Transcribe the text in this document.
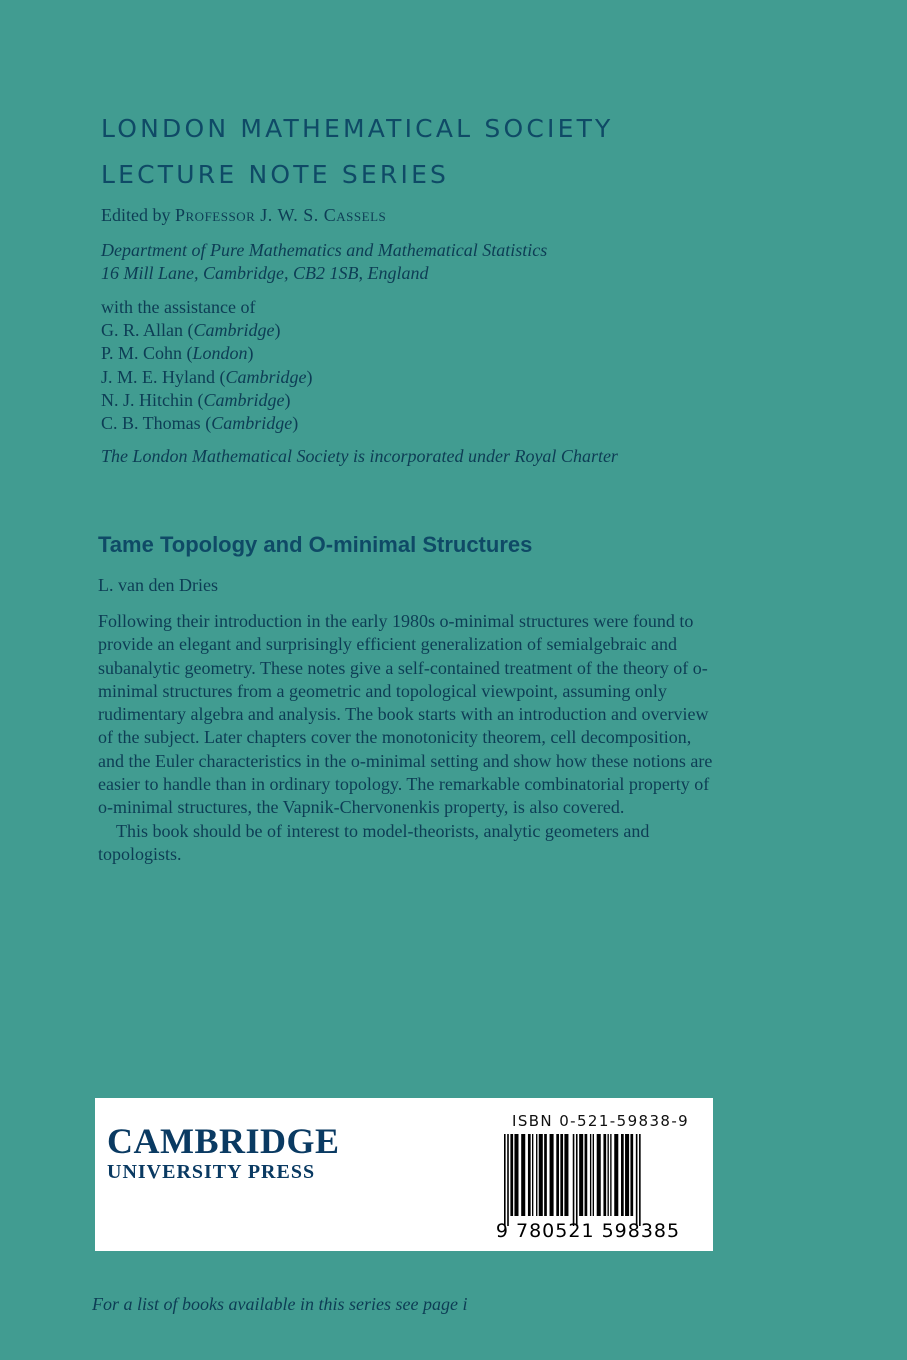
LONDON MATHEMATICAL SOCIETY
LECTURE NOTE SERIES
Edited by Professor J. W. S. Cassels
Department of Pure Mathematics and Mathematical Statistics
16 Mill Lane, Cambridge, CB2 1SB, England
with the assistance of
G. R. Allan (Cambridge)
P. M. Cohn (London)
J. M. E. Hyland (Cambridge)
N. J. Hitchin (Cambridge)
C. B. Thomas (Cambridge)
The London Mathematical Society is incorporated under Royal Charter
Tame Topology and O-minimal Structures
L. van den Dries

Following their introduction in the early 1980s o-minimal structures were found to provide an elegant and surprisingly efficient generalization of semialgebraic and subanalytic geometry. These notes give a self-contained treatment of the theory of o-minimal structures from a geometric and topological viewpoint, assuming only rudimentary algebra and analysis. The book starts with an introduction and overview of the subject. Later chapters cover the monotonicity theorem, cell decomposition, and the Euler characteristics in the o-minimal setting and show how these notions are easier to handle than in ordinary topology. The remarkable combinatorial property of o-minimal structures, the Vapnik-Chervonenkis property, is also covered.

This book should be of interest to model-theorists, analytic geometers and topologists.

CAMBRIDGE
UNIVERSITY PRESS
ISBN 0-521-59838-9
9 780521 598385
For a list of books available in this series see page i
